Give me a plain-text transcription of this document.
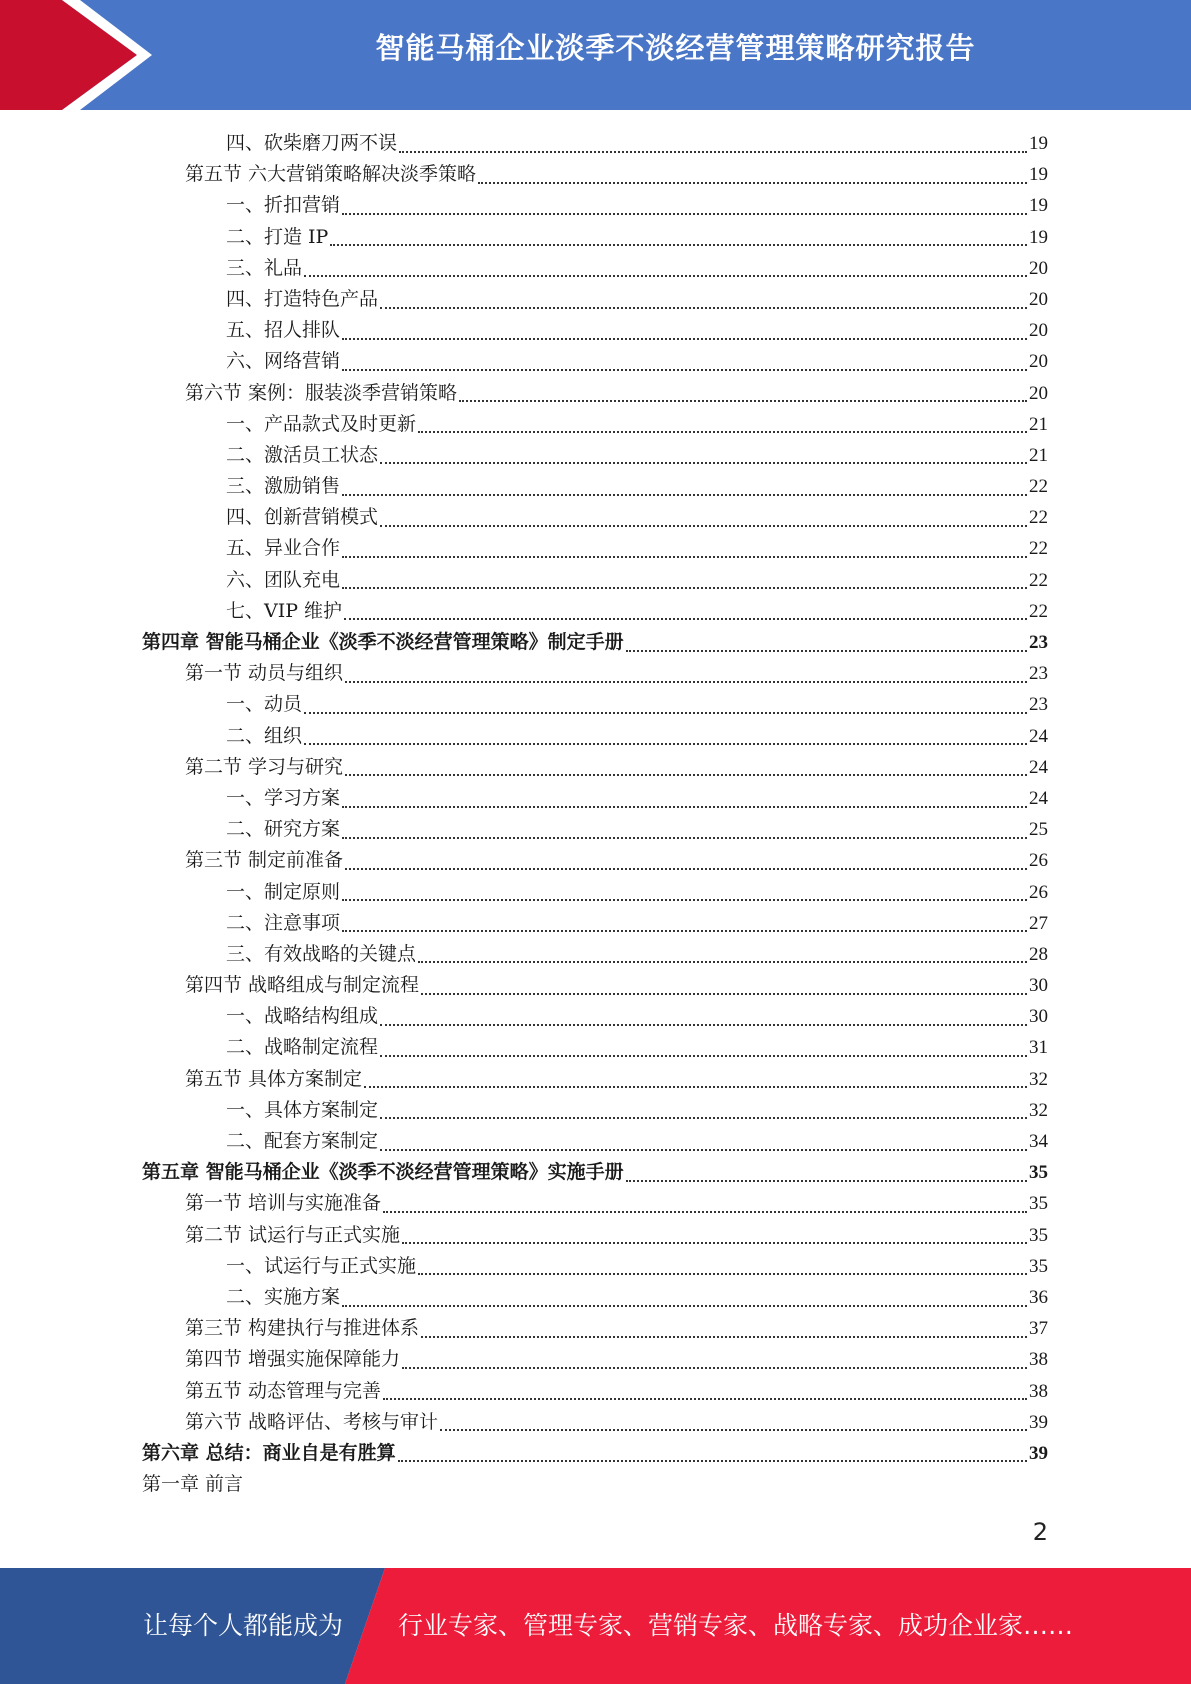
智能马桶企业淡季不淡经营管理策略研究报告
四、砍柴磨刀两不误	19
第五节 六大营销策略解决淡季策略	19
一、折扣营销	19
二、打造 IP	19
三、礼品	20
四、打造特色产品	20
五、招人排队	20
六、网络营销	20
第六节 案例：服装淡季营销策略	20
一、产品款式及时更新	21
二、激活员工状态	21
三、激励销售	22
四、创新营销模式	22
五、异业合作	22
六、团队充电	22
七、VIP 维护	22
第四章 智能马桶企业《淡季不淡经营管理策略》制定手册	23
第一节 动员与组织	23
一、动员	23
二、组织	24
第二节 学习与研究	24
一、学习方案	24
二、研究方案	25
第三节 制定前准备	26
一、制定原则	26
二、注意事项	27
三、有效战略的关键点	28
第四节 战略组成与制定流程	30
一、战略结构组成	30
二、战略制定流程	31
第五节 具体方案制定	32
一、具体方案制定	32
二、配套方案制定	34
第五章 智能马桶企业《淡季不淡经营管理策略》实施手册	35
第一节 培训与实施准备	35
第二节 试运行与正式实施	35
一、试运行与正式实施	35
二、实施方案	36
第三节 构建执行与推进体系	37
第四节 增强实施保障能力	38
第五节 动态管理与完善	38
第六节 战略评估、考核与审计	39
第六章 总结：商业自是有胜算	39
第一章 前言
2
让每个人都能成为 行业专家、管理专家、营销专家、战略专家、成功企业家……
